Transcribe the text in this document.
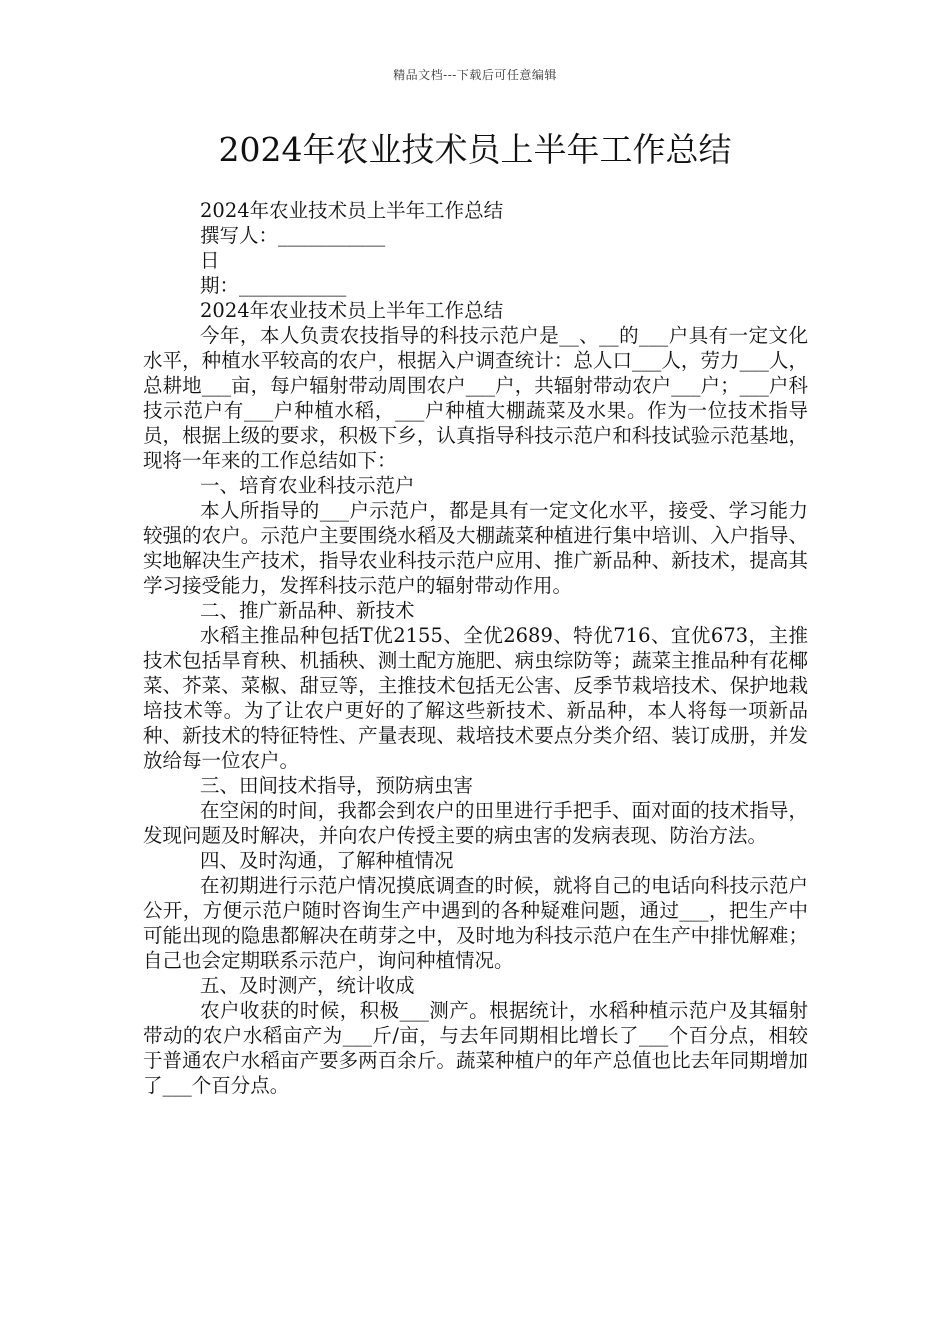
精品文档---下载后可任意编辑
2024年农业技术员上半年工作总结
2024年农业技术员上半年工作总结
撰写人：___________
日
期：___________
2024年农业技术员上半年工作总结

今年，本人负责农技指导的科技示范户是__、__的___户具有一定文化水平，种植水平较高的农户，根据入户调查统计：总人口___人，劳力___人，总耕地___亩，每户辐射带动周围农户___户，共辐射带动农户___户；___户科技示范户有___户种植水稻，___户种植大棚蔬菜及水果。作为一位技术指导员，根据上级的要求，积极下乡，认真指导科技示范户和科技试验示范基地，现将一年来的工作总结如下：

一、培育农业科技示范户

本人所指导的___户示范户，都是具有一定文化水平，接受、学习能力较强的农户。示范户主要围绕水稻及大棚蔬菜种植进行集中培训、入户指导、实地解决生产技术，指导农业科技示范户应用、推广新品种、新技术，提高其学习接受能力，发挥科技示范户的辐射带动作用。

二、推广新品种、新技术

水稻主推品种包括T优2155、全优2689、特优716、宜优673，主推技术包括旱育秧、机插秧、测土配方施肥、病虫综防等；蔬菜主推品种有花椰菜、芥菜、菜椒、甜豆等，主推技术包括无公害、反季节栽培技术、保护地栽培技术等。为了让农户更好的了解这些新技术、新品种，本人将每一项新品种、新技术的特征特性、产量表现、栽培技术要点分类介绍、装订成册，并发放给每一位农户。

三、田间技术指导，预防病虫害

在空闲的时间，我都会到农户的田里进行手把手、面对面的技术指导，发现问题及时解决，并向农户传授主要的病虫害的发病表现、防治方法。

四、及时沟通，了解种植情况

在初期进行示范户情况摸底调查的时候，就将自己的电话向科技示范户公开，方便示范户随时咨询生产中遇到的各种疑难问题，通过___，把生产中可能出现的隐患都解决在萌芽之中，及时地为科技示范户在生产中排忧解难；自己也会定期联系示范户，询问种植情况。

五、及时测产，统计收成

农户收获的时候，积极___测产。根据统计，水稻种植示范户及其辐射带动的农户水稻亩产为___斤/亩，与去年同期相比增长了___个百分点，相较于普通农户水稻亩产要多两百余斤。蔬菜种植户的年产总值也比去年同期增加了___个百分点。
